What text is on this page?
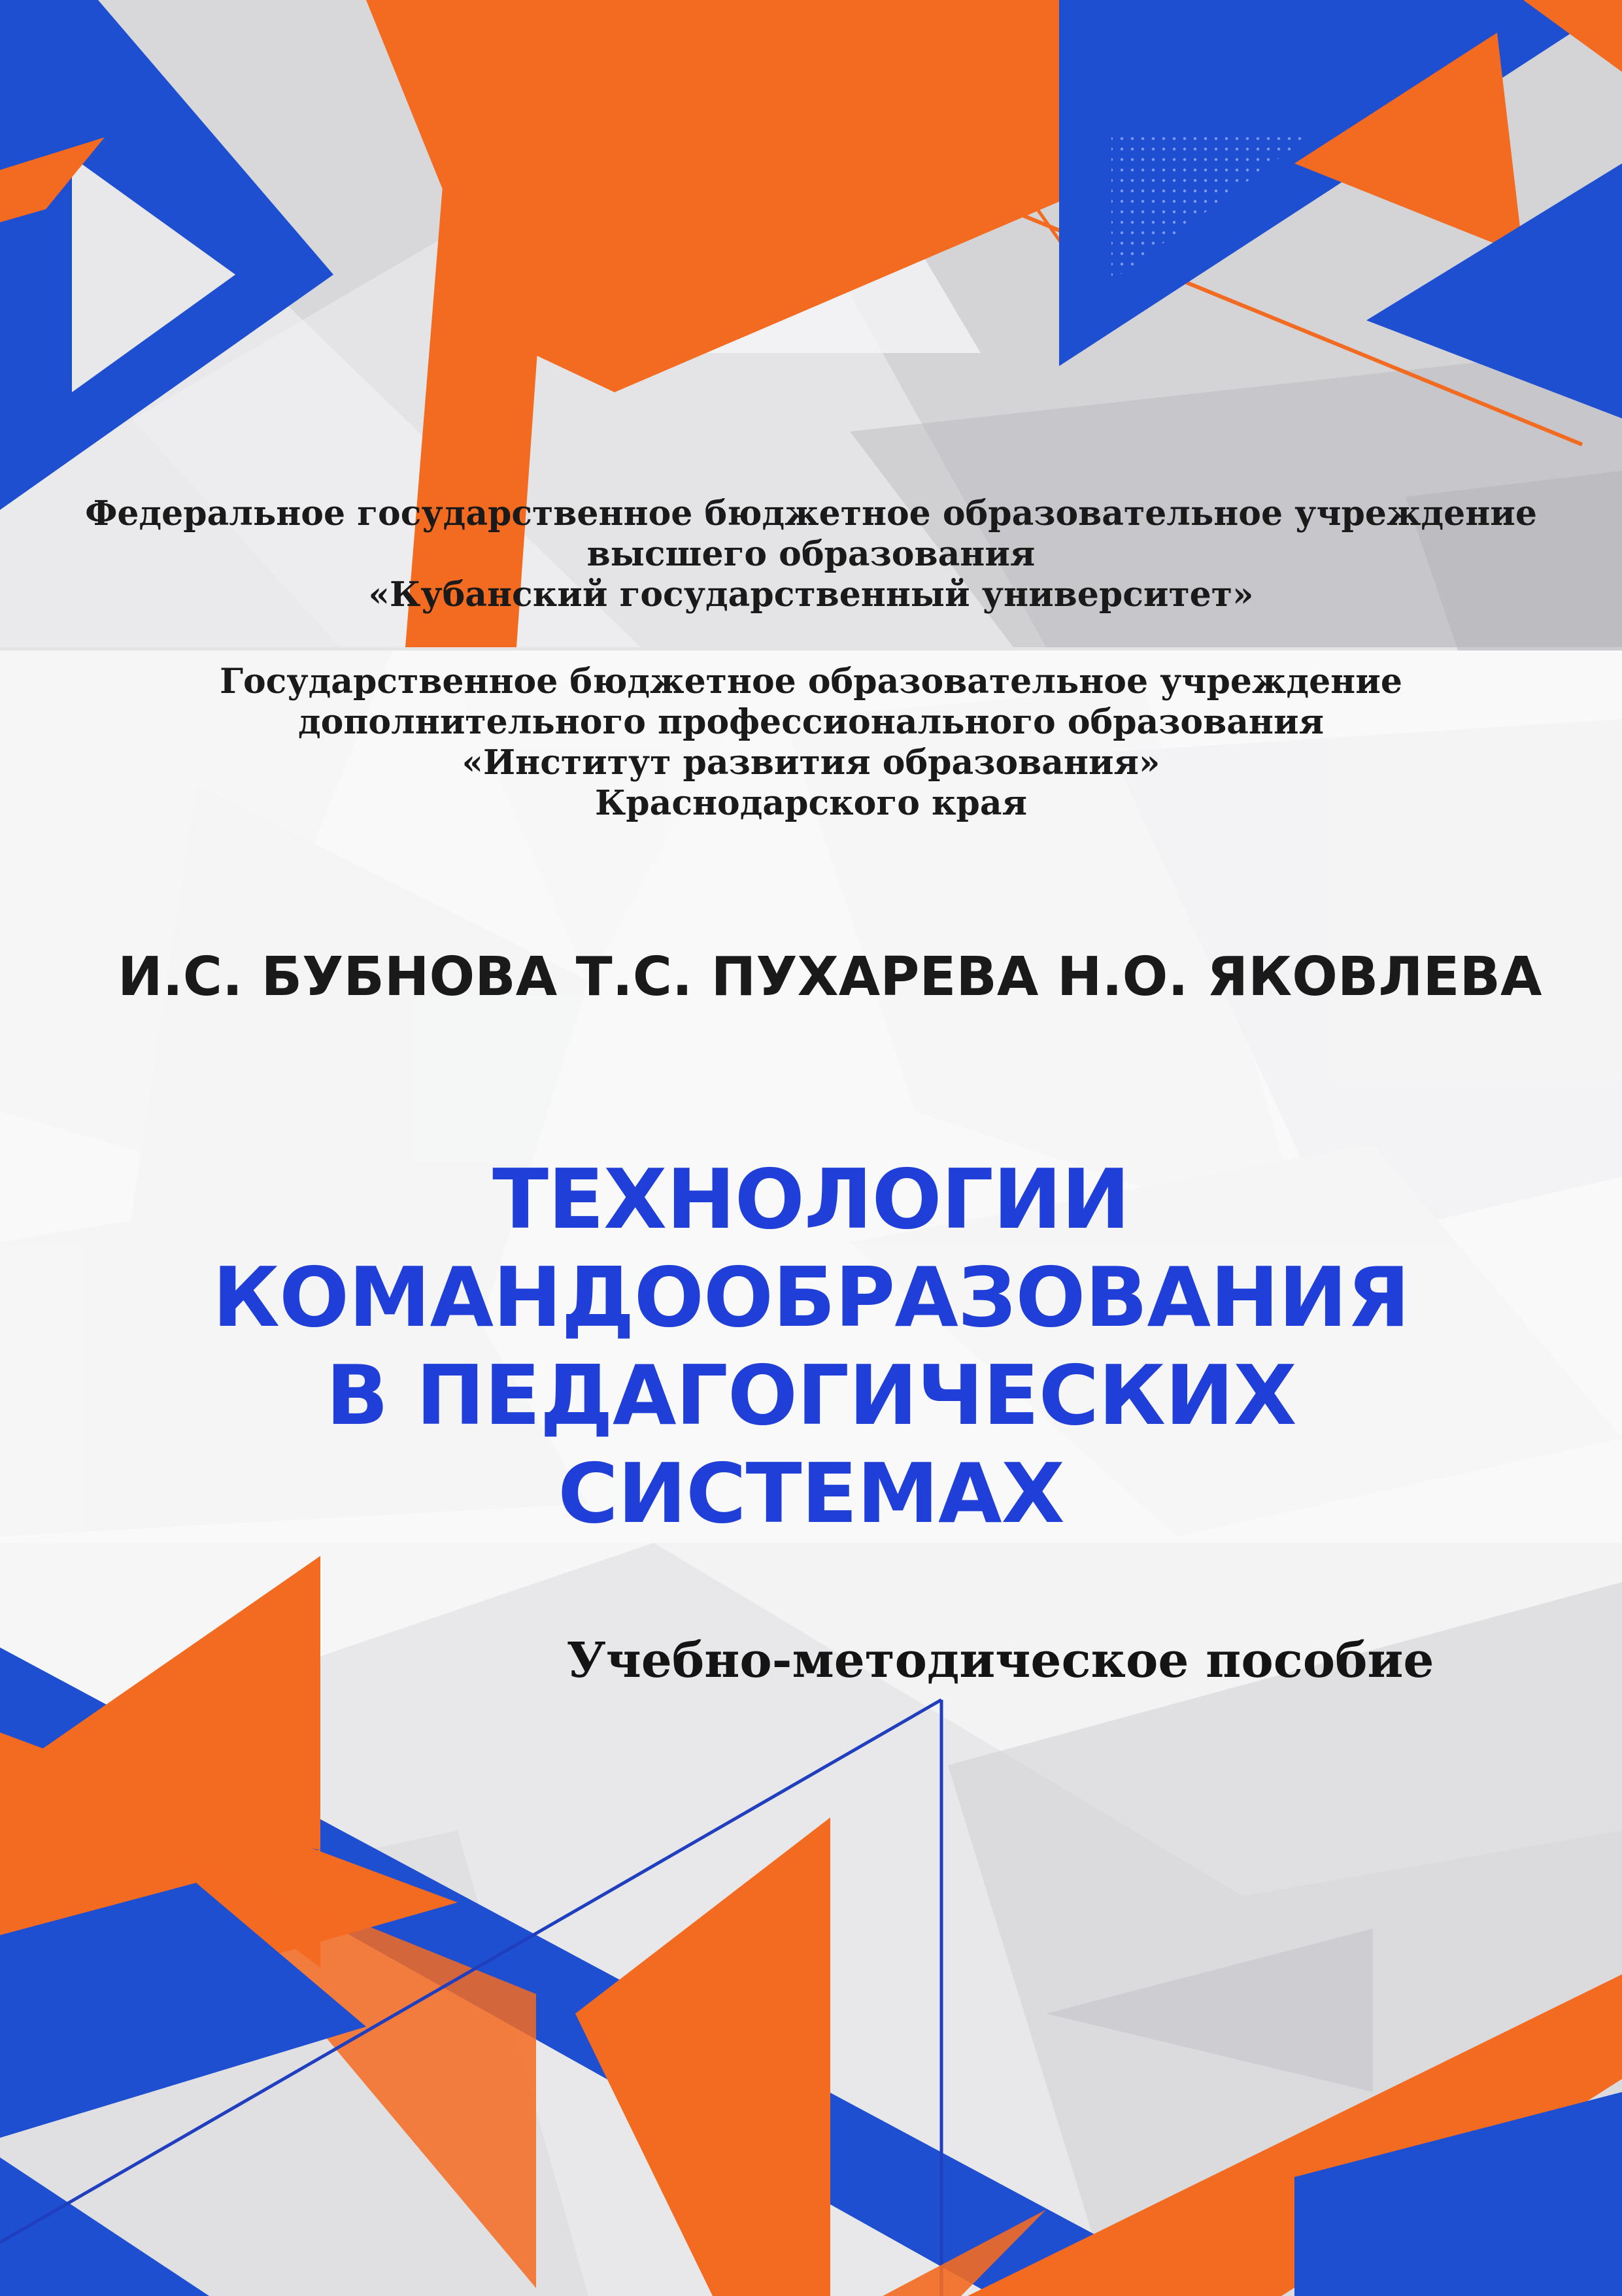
Федеральное государственное бюджетное образовательное учреждение
высшего образования
«Кубанский государственный университет»
Государственное бюджетное образовательное учреждение
дополнительного профессионального образования
«Институт развития образования»
Краснодарского края
И.С. БУБНОВА Т.С. ПУХАРЕВА Н.О. ЯКОВЛЕВА
ТЕХНОЛОГИИ
КОМАНДООБРАЗОВАНИЯ
В ПЕДАГОГИЧЕСКИХ
СИСТЕМАХ
Учебно-методическое пособие
